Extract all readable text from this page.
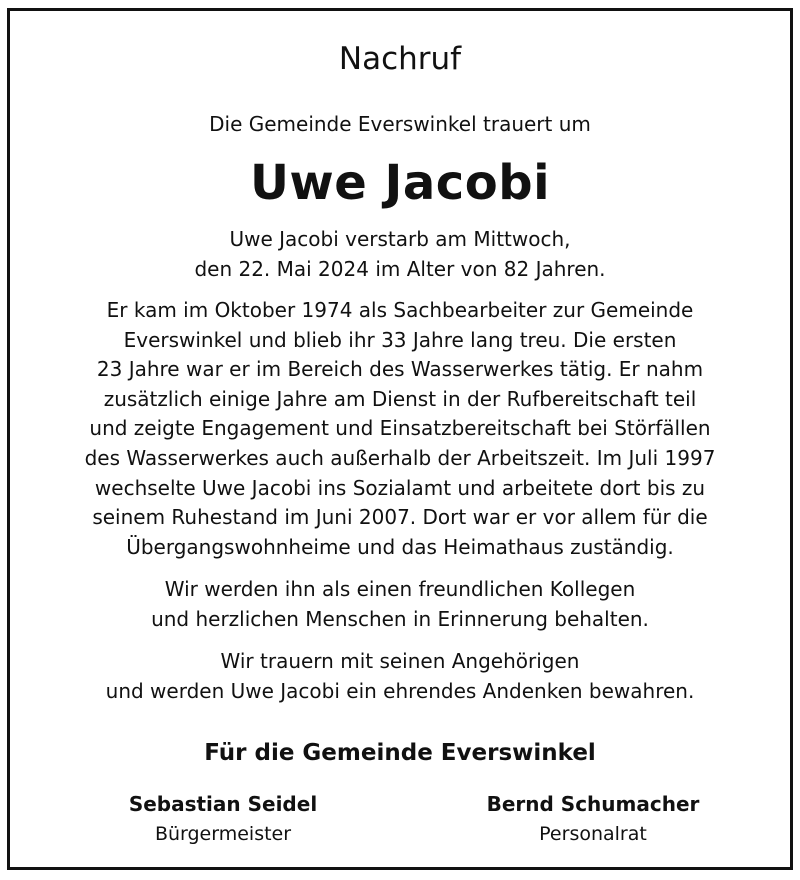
Nachruf

Die Gemeinde Everswinkel trauert um

Uwe Jacobi

Uwe Jacobi verstarb am Mittwoch,
den 22. Mai 2024 im Alter von 82 Jahren.

Er kam im Oktober 1974 als Sachbearbeiter zur Gemeinde
Everswinkel und blieb ihr 33 Jahre lang treu. Die ersten
23 Jahre war er im Bereich des Wasserwerkes tätig. Er nahm
zusätzlich einige Jahre am Dienst in der Rufbereitschaft teil
und zeigte Engagement und Einsatzbereitschaft bei Störfällen
des Wasserwerkes auch außerhalb der Arbeitszeit. Im Juli 1997
wechselte Uwe Jacobi ins Sozialamt und arbeitete dort bis zu
seinem Ruhestand im Juni 2007. Dort war er vor allem für die
Übergangswohnheime und das Heimathaus zuständig.

Wir werden ihn als einen freundlichen Kollegen
und herzlichen Menschen in Erinnerung behalten.

Wir trauern mit seinen Angehörigen
und werden Uwe Jacobi ein ehrendes Andenken bewahren.

Für die Gemeinde Everswinkel

Sebastian Seidel
Bürgermeister
Bernd Schumacher
Personalrat
